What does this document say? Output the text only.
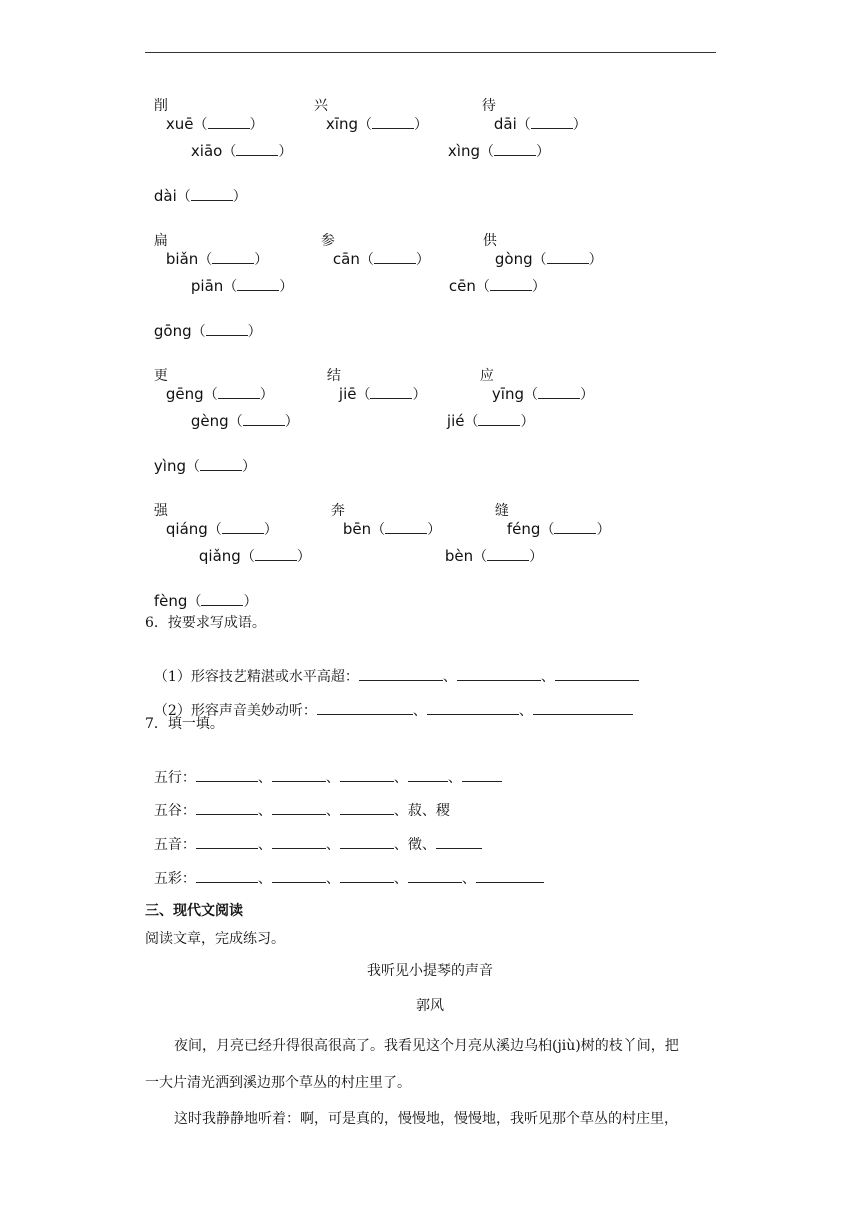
削
xuē（	）

兴
xīng（	）

待
dāi（	）

xiāo（	）	xìng（	）

dài（	）

扁
biǎn（	）

参
cān（	）

供
gòng（	）

piān（	）	cēn（	）

gōng（	）

更
gēng（	）

结
jiē（	）

应
yīng（	）

gèng（	）	jié（	）

yìng（	）

强
qiáng（	）

奔
bēn（	）

缝
féng（	）

qiǎng（	）	bèn（	）

fèng（	）

6．按要求写成语。

（1）形容技艺精湛或水平高超：	、	、

（2）形容声音美妙动听：	、	、

7．填一填。

五行：	、	、	、	、

五谷：	、	、	、菽、稷

五音：	、	、	、徵、

五彩：	、	、	、	、

三、现代文阅读
阅读文章，完成练习。
我听见小提琴的声音
郭风
夜间，月亮已经升得很高很高了。我看见这个月亮从溪边乌桕(jiù)树的枝丫间，把
一大片清光洒到溪边那个草丛的村庄里了。
这时我静静地听着：啊，可是真的，慢慢地，慢慢地，我听见那个草丛的村庄里，
